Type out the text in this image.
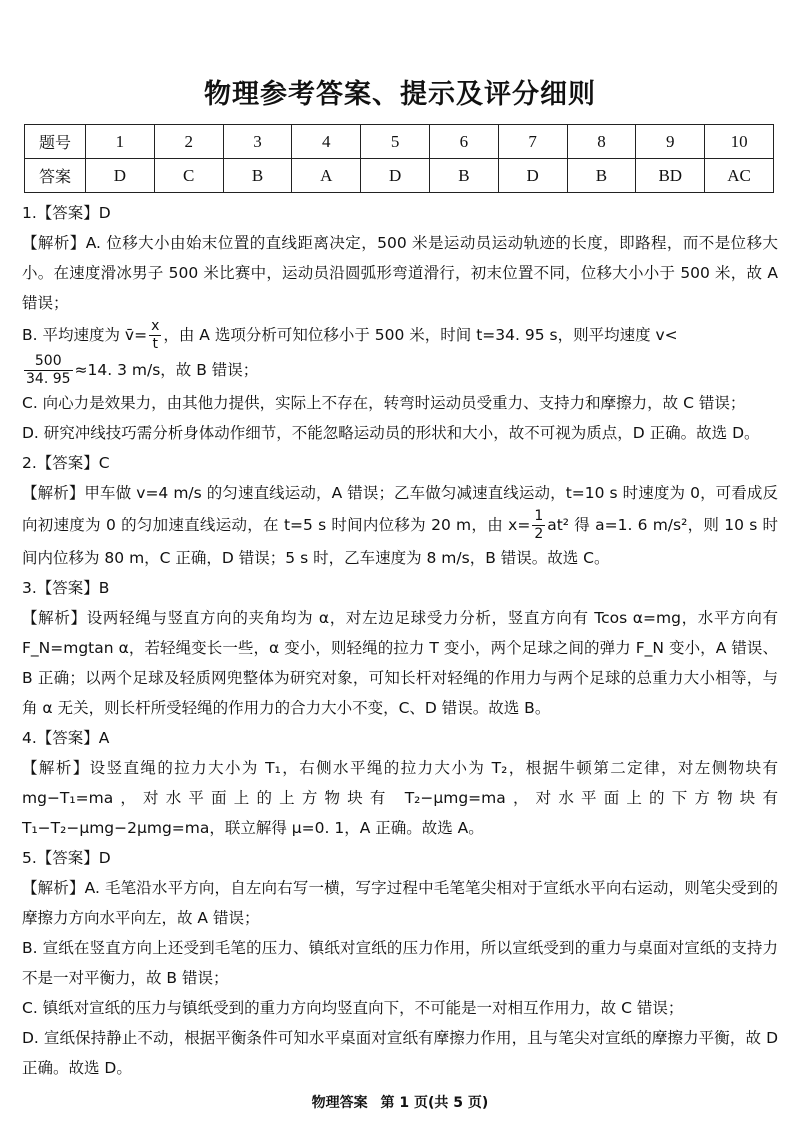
物理参考答案、提示及评分细则
题号	1	2	3	4	5	6	7	8	9	10
答案	D	C	B	A	D	B	D	B	BD	AC

1.【答案】D

【解析】A. 位移大小由始末位置的直线距离决定，500 米是运动员运动轨迹的长度，即路程，而不是位移大小。在速度滑冰男子 500 米比赛中，运动员沿圆弧形弯道滑行，初末位置不同，位移大小小于 500 米，故 A 错误；

B. 平均速度为 v̄= $\frac{x}{t}$ ，由 A 选项分析可知位移小于 500 米，时间 t=34. 95 s，则平均速度 v<

$\frac{500}{34. 95} \approx 14$. 3 m/s，故 B 错误；

C. 向心力是效果力，由其他力提供，实际上不存在，转弯时运动员受重力、支持力和摩擦力，故 C 错误；

D. 研究冲线技巧需分析身体动作细节，不能忽略运动员的形状和大小，故不可视为质点，D 正确。故选 D。

2.【答案】C

【解析】甲车做 v=4 m/s 的匀速直线运动，A 错误；乙车做匀减速直线运动，t=10 s 时速度为 0，可看成反向初速度为 0 的匀加速直线运动，在 t=5 s 时间内位移为 20 m，由 $x= \frac{1}{2} at^2$ 得 a=1. 6 m/s²，则 10 s 时间内位移为 80 m，C 正确，D 错误；5 s 时，乙车速度为 8 m/s，B 错误。故选 C。

3.【答案】B

【解析】设两轻绳与竖直方向的夹角均为 α，对左边足球受力分析，竖直方向有 Tcos α=mg，水平方向有 F_N=mgtan α，若轻绳变长一些，α 变小，则轻绳的拉力 T 变小，两个足球之间的弹力 F_N 变小，A 错误、B 正确；以两个足球及轻质网兜整体为研究对象，可知长杆对轻绳的作用力与两个足球的总重力大小相等，与角 α 无关，则长杆所受轻绳的作用力的合力大小不变，C、D 错误。故选 B。

4.【答案】A

【解析】设竖直绳的拉力大小为 T₁，右侧水平绳的拉力大小为 T₂，根据牛顿第二定律，对左侧物块有 mg−T₁=ma，对水平面上的上方物块有 T₂−μmg=ma，对水平面上的下方物块有 T₁−T₂−μmg−2μmg=ma，联立解得 μ=0. 1，A 正确。故选 A。

5.【答案】D

【解析】A. 毛笔沿水平方向，自左向右写一横，写字过程中毛笔笔尖相对于宣纸水平向右运动，则笔尖受到的摩擦力方向水平向左，故 A 错误；

B. 宣纸在竖直方向上还受到毛笔的压力、镇纸对宣纸的压力作用，所以宣纸受到的重力与桌面对宣纸的支持力不是一对平衡力，故 B 错误；

C. 镇纸对宣纸的压力与镇纸受到的重力方向均竖直向下，不可能是一对相互作用力，故 C 错误；

D. 宣纸保持静止不动，根据平衡条件可知水平桌面对宣纸有摩擦力作用，且与笔尖对宣纸的摩擦力平衡，故 D 正确。故选 D。

物理答案 第 1 页(共 5 页)
